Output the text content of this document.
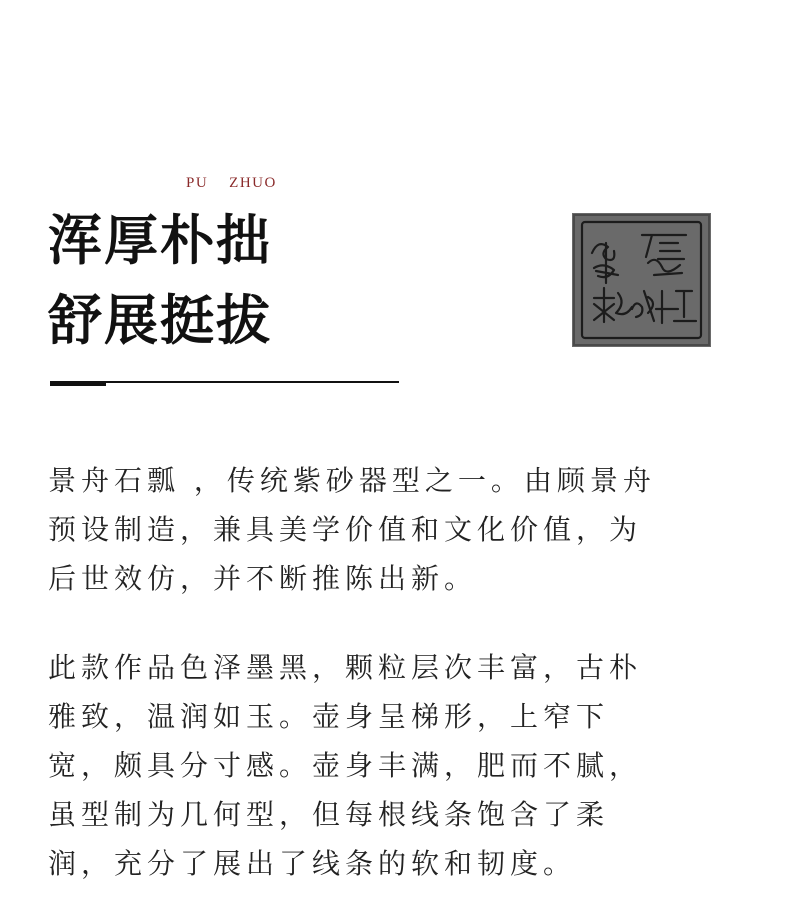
PU    ZHUO
浑厚朴拙
舒展挺拔
景舟石瓢 ，传统紫砂器型之一。由顾景舟
预设制造，兼具美学价值和文化价值，为
后世效仿，并不断推陈出新。
此款作品色泽墨黑，颗粒层次丰富，古朴
雅致，温润如玉。壶身呈梯形，上窄下
宽，颇具分寸感。壶身丰满，肥而不腻，
虽型制为几何型，但每根线条饱含了柔
润，充分了展出了线条的软和韧度。
